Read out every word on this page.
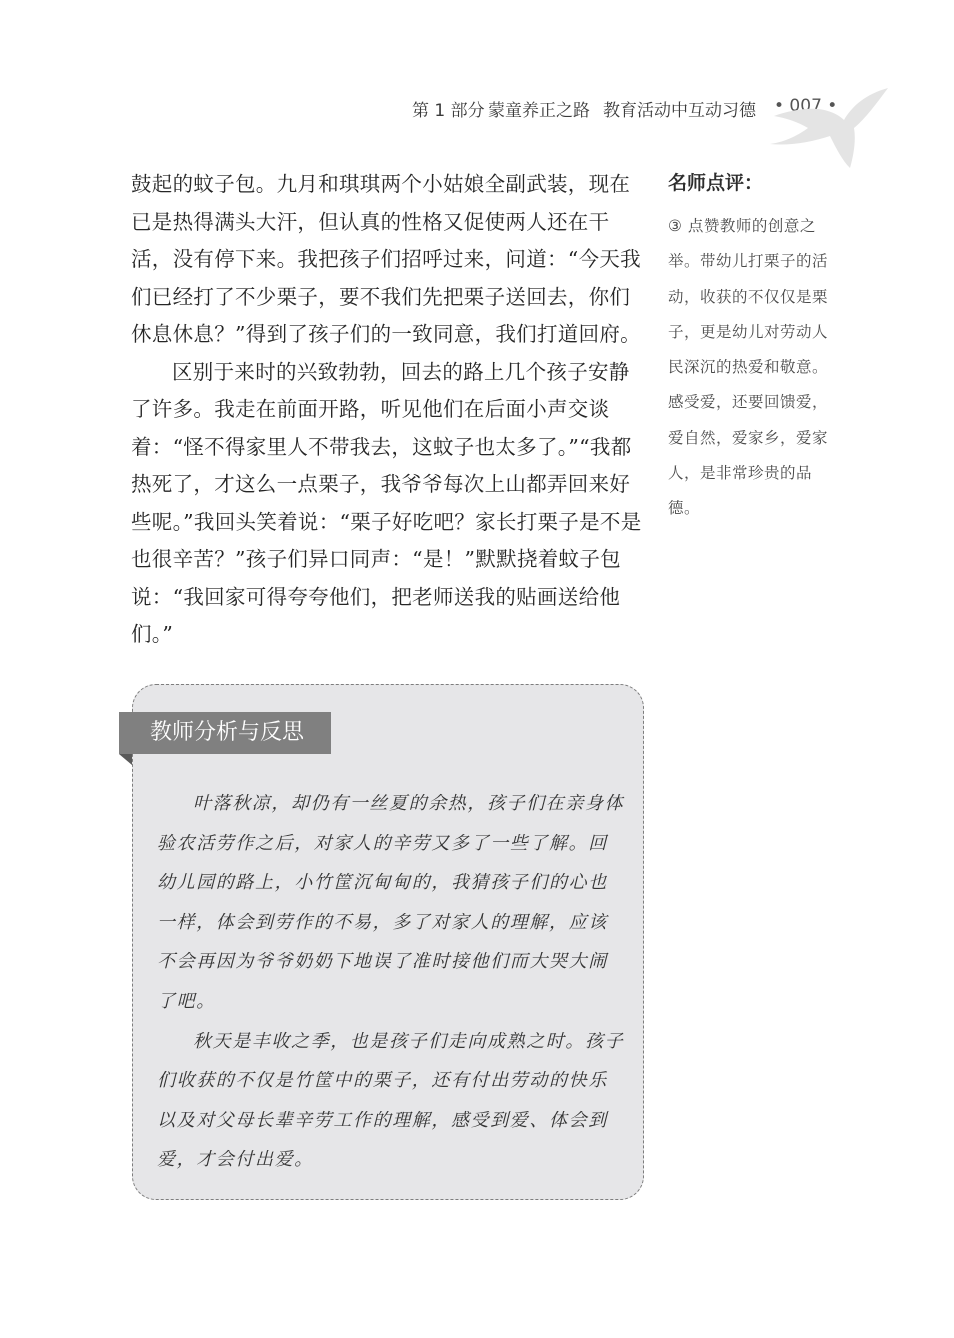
第 1 部分 蒙童养正之路 教育活动中互动习德 • 007 •

鼓起的蚊子包。九月和琪琪两个小姑娘全副武装，现在已是热得满头大汗，但认真的性格又促使两人还在干活，没有停下来。我把孩子们招呼过来，问道：“今天我们已经打了不少栗子，要不我们先把栗子送回去，你们休息休息？”得到了孩子们的一致同意，我们打道回府。

区别于来时的兴致勃勃，回去的路上几个孩子安静了许多。我走在前面开路，听见他们在后面小声交谈着：“怪不得家里人不带我去，这蚊子也太多了。”“我都热死了，才这么一点栗子，我爷爷每次上山都弄回来好些呢。”我回头笑着说：“栗子好吃吧？家长打栗子是不是也很辛苦？”孩子们异口同声：“是！”默默挠着蚊子包说：“我回家可得夸夸他们，把老师送我的贴画送给他们。”

名师点评：
③ 点赞教师的创意之举。带幼儿打栗子的活动，收获的不仅仅是栗子，更是幼儿对劳动人民深沉的热爱和敬意。感受爱，还要回馈爱，爱自然，爱家乡，爱家人，是非常珍贵的品德。
教师分析与反思

叶落秋凉，却仍有一丝夏的余热，孩子们在亲身体验农活劳作之后，对家人的辛劳又多了一些了解。回幼儿园的路上，小竹筐沉甸甸的，我猜孩子们的心也一样，体会到劳作的不易，多了对家人的理解，应该不会再因为爷爷奶奶下地误了准时接他们而大哭大闹了吧。

秋天是丰收之季，也是孩子们走向成熟之时。孩子们收获的不仅是竹筐中的栗子，还有付出劳动的快乐以及对父母长辈辛劳工作的理解，感受到爱、体会到爱，才会付出爱。
